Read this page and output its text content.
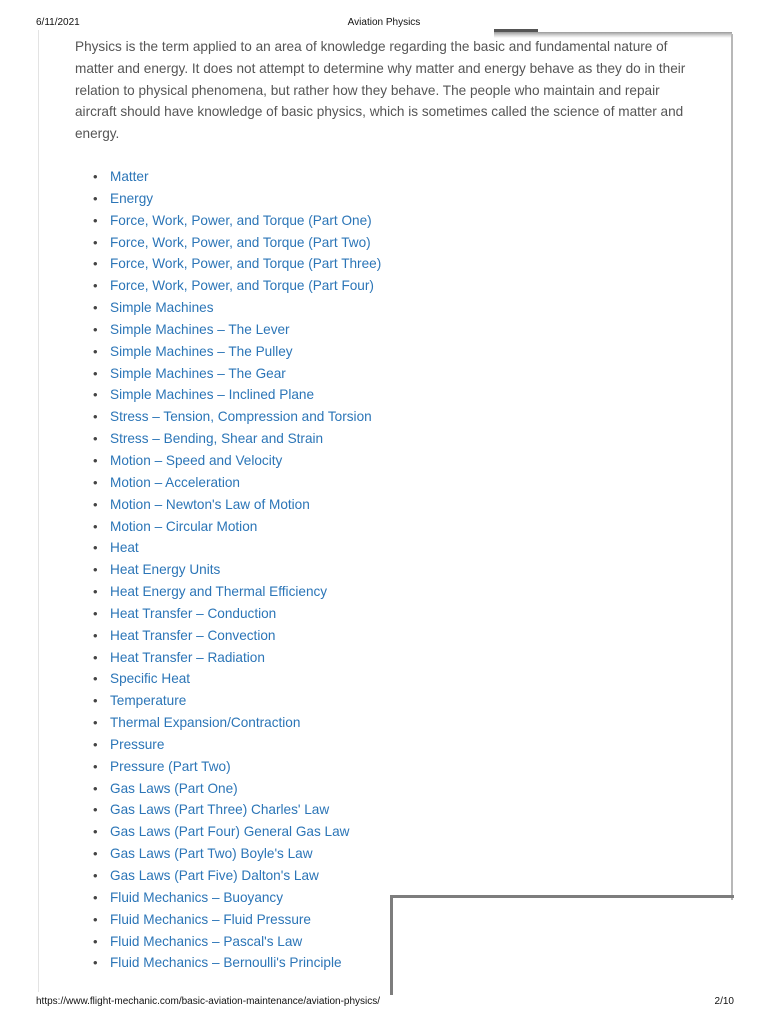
6/11/2021	Aviation Physics

Physics is the term applied to an area of knowledge regarding the basic and fundamental nature of matter and energy. It does not attempt to determine why matter and energy behave as they do in their relation to physical phenomena, but rather how they behave. The people who maintain and repair aircraft should have knowledge of basic physics, which is sometimes called the science of matter and energy.

• Matter
• Energy
• Force, Work, Power, and Torque (Part One)
• Force, Work, Power, and Torque (Part Two)
• Force, Work, Power, and Torque (Part Three)
• Force, Work, Power, and Torque (Part Four)
• Simple Machines
• Simple Machines – The Lever
• Simple Machines – The Pulley
• Simple Machines – The Gear
• Simple Machines – Inclined Plane
• Stress – Tension, Compression and Torsion
• Stress – Bending, Shear and Strain
• Motion – Speed and Velocity
• Motion – Acceleration
• Motion – Newton's Law of Motion
• Motion – Circular Motion
• Heat
• Heat Energy Units
• Heat Energy and Thermal Efficiency
• Heat Transfer – Conduction
• Heat Transfer – Convection
• Heat Transfer – Radiation
• Specific Heat
• Temperature
• Thermal Expansion/Contraction
• Pressure
• Pressure (Part Two)
• Gas Laws (Part One)
• Gas Laws (Part Three) Charles' Law
• Gas Laws (Part Four) General Gas Law
• Gas Laws (Part Two) Boyle's Law
• Gas Laws (Part Five) Dalton's Law
• Fluid Mechanics – Buoyancy
• Fluid Mechanics – Fluid Pressure
• Fluid Mechanics – Pascal's Law
• Fluid Mechanics – Bernoulli's Principle
https://www.flight-mechanic.com/basic-aviation-maintenance/aviation-physics/	2/10
